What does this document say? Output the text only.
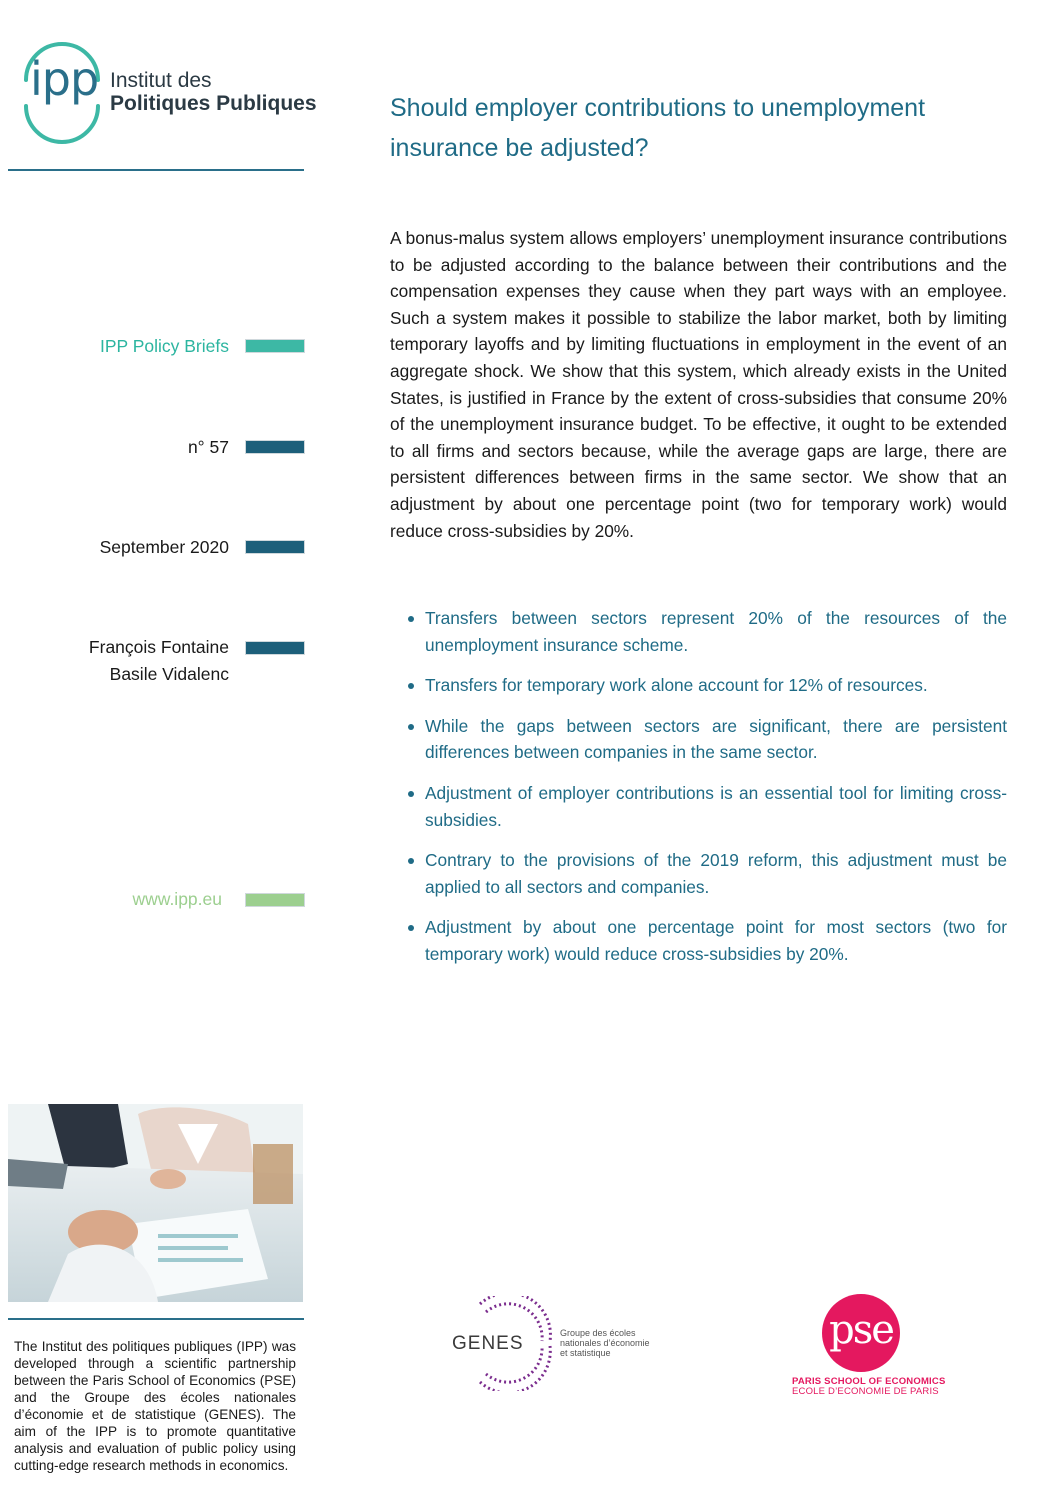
ipp Institut des
Politiques Publiques	Should employer contributions to unemployment insurance be adjusted?
A bonus-malus system allows employers’ unemployment insurance contributions to be adjusted according to the balance between their contributions and the compensation expenses they cause when they part ways with an employee. Such a system makes it possible to stabilize the labor market, both by limiting temporary layoffs and by limiting fluctuations in employment in the event of an aggregate shock. We show that this system, which already exists in the United States, is justified in France by the extent of cross-subsidies that consume 20% of the unemployment insurance budget. To be effective, it ought to be extended to all firms and sectors because, while the average gaps are large, there are persistent differences between firms in the same sector. We show that an adjustment by about one percentage point (two for temporary work) would reduce cross-subsidies by 20%.
IPP Policy Briefs
n° 57
September 2020
François Fontaine
Basile Vidalenc
www.ipp.eu
Transfers between sectors represent 20% of the resources of the unemployment insurance scheme.
Transfers for temporary work alone account for 12% of resources.
While the gaps between sectors are significant, there are persistent differences between companies in the same sector.
Adjustment of employer contributions is an essential tool for limiting cross-subsidies.
Contrary to the provisions of the 2019 reform, this adjustment must be applied to all sectors and companies.
Adjustment by about one percentage point for most sectors (two for temporary work) would reduce cross-subsidies by 20%.
The Institut des politiques publiques (IPP) was developed through a scientific partnership between the Paris School of Economics (PSE) and the Groupe des écoles nationales d’économie et de statistique (GENES). The aim of the IPP is to promote quantitative analysis and evaluation of public policy using cutting-edge research methods in economics.
GENES	Groupe des écoles
nationales d’économie
et statistique	pse
PARIS SCHOOL OF ECONOMICS
ECOLE D’ECONOMIE DE PARIS
